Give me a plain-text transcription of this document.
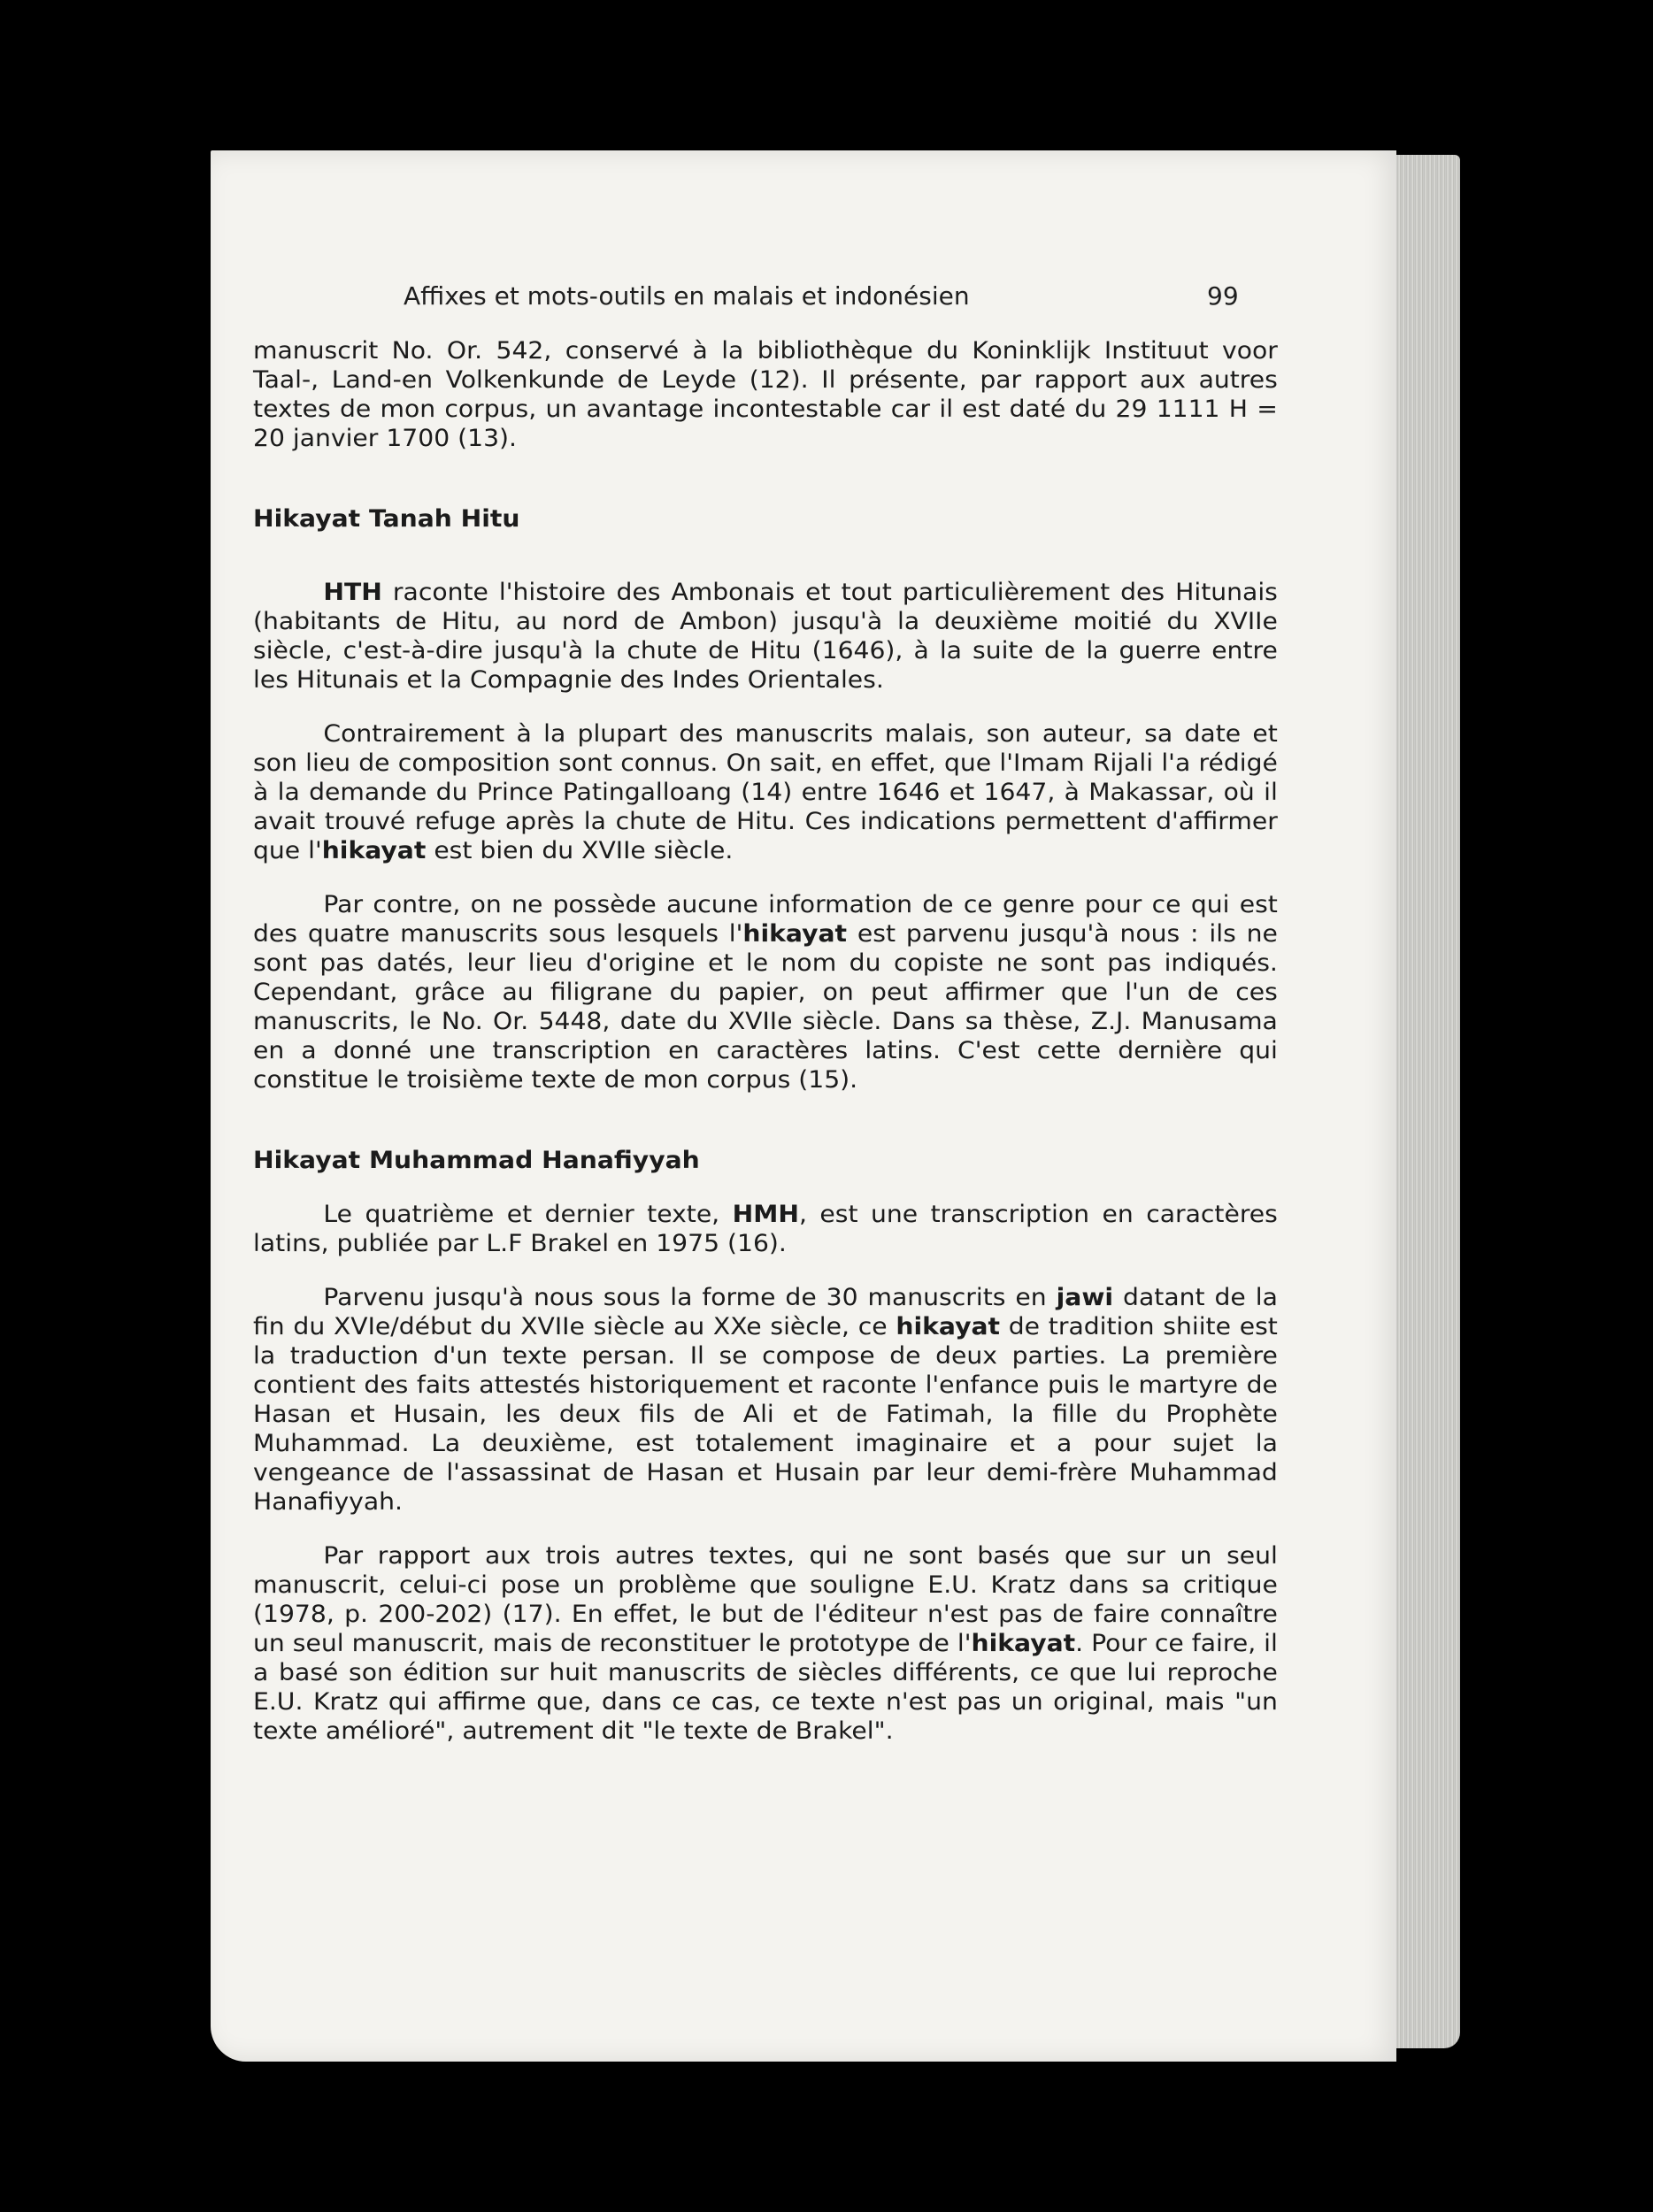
Affixes et mots-outils en malais et indonésien	99

manuscrit No. Or. 542, conservé à la bibliothèque du Koninklijk Instituut voor Taal-, Land-en Volkenkunde de Leyde (12). Il présente, par rapport aux autres textes de mon corpus, un avantage incontestable car il est daté du 29 1111 H = 20 janvier 1700 (13).

Hikayat Tanah Hitu

HTH raconte l'histoire des Ambonais et tout particulièrement des Hitunais (habitants de Hitu, au nord de Ambon) jusqu'à la deuxième moitié du XVIIe siècle, c'est-à-dire jusqu'à la chute de Hitu (1646), à la suite de la guerre entre les Hitunais et la Compagnie des Indes Orientales.

Contrairement à la plupart des manuscrits malais, son auteur, sa date et son lieu de composition sont connus. On sait, en effet, que l'Imam Rijali l'a rédigé à la demande du Prince Patingalloang (14) entre 1646 et 1647, à Makassar, où il avait trouvé refuge après la chute de Hitu. Ces indications permettent d'affirmer que l'hikayat est bien du XVIIe siècle.

Par contre, on ne possède aucune information de ce genre pour ce qui est des quatre manuscrits sous lesquels l'hikayat est parvenu jusqu'à nous : ils ne sont pas datés, leur lieu d'origine et le nom du copiste ne sont pas indiqués. Cependant, grâce au filigrane du papier, on peut affirmer que l'un de ces manuscrits, le No. Or. 5448, date du XVIIe siècle. Dans sa thèse, Z.J. Manusama en a donné une transcription en caractères latins. C'est cette dernière qui constitue le troisième texte de mon corpus (15).

Hikayat Muhammad Hanafiyyah

Le quatrième et dernier texte, HMH, est une transcription en caractères latins, publiée par L.F Brakel en 1975 (16).

Parvenu jusqu'à nous sous la forme de 30 manuscrits en jawi datant de la fin du XVIe/début du XVIIe siècle au XXe siècle, ce hikayat de tradition shiite est la traduction d'un texte persan. Il se compose de deux parties. La première contient des faits attestés historiquement et raconte l'enfance puis le martyre de Hasan et Husain, les deux fils de Ali et de Fatimah, la fille du Prophète Muhammad. La deuxième, est totalement imaginaire et a pour sujet la vengeance de l'assassinat de Hasan et Husain par leur demi-frère Muhammad Hanafiyyah.

Par rapport aux trois autres textes, qui ne sont basés que sur un seul manuscrit, celui-ci pose un problème que souligne E.U. Kratz dans sa critique (1978, p. 200-202) (17). En effet, le but de l'éditeur n'est pas de faire connaître un seul manuscrit, mais de reconstituer le prototype de l'hikayat. Pour ce faire, il a basé son édition sur huit manuscrits de siècles différents, ce que lui reproche E.U. Kratz qui affirme que, dans ce cas, ce texte n'est pas un original, mais "un texte amélioré", autrement dit "le texte de Brakel".
